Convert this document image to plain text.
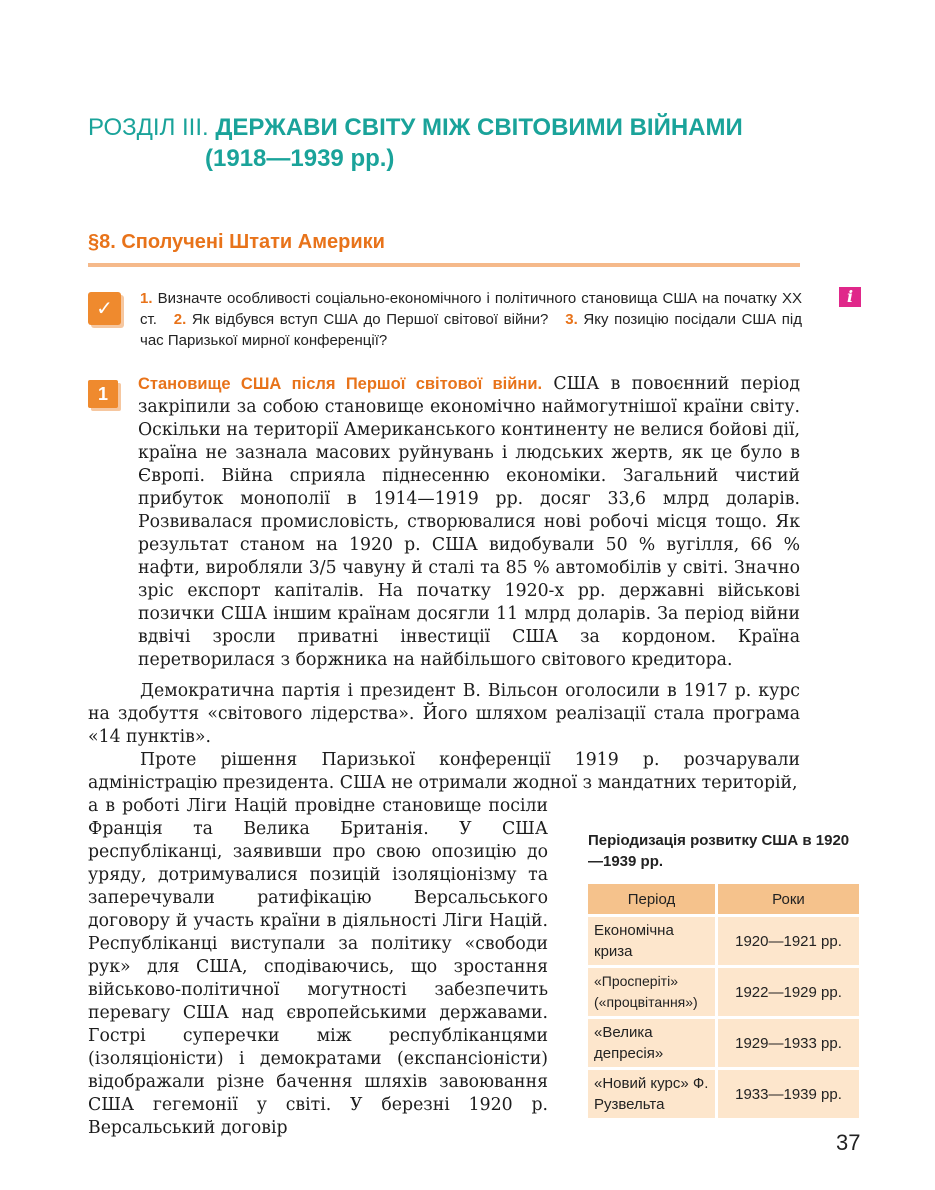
РОЗДІЛ III. ДЕРЖАВИ СВІТУ МІЖ СВІТОВИМИ ВІЙНАМИ
(1918—1939 рр.)
§8. Сполучені Штати Америки
✓	1. Визначте особливості соціально-економічного і політичного становища США на початку XX ст. 2. Як відбувся вступ США до Першої світової війни? 3. Яку позицію посідали США під час Паризької мирної конференції?
i
1	Становище США після Першої світової війни. США в повоєнний період закріпили за собою становище економічно наймогутнішої країни світу. Оскільки на території Американського континенту не велися бойові дії, країна не зазнала масових руйнувань і людських жертв, як це було в Європі. Війна сприяла піднесенню економіки. Загальний чистий прибуток монополії в 1914—1919 рр. досяг 33,6 млрд доларів. Розвивалася промисловість, створювалися нові робочі місця тощо. Як результат станом на 1920 р. США видобували 50 % вугілля, 66 % нафти, виробляли 3/5 чавуну й сталі та 85 % автомобілів у світі. Значно зріс експорт капіталів. На початку 1920-х рр. державні військові позички США іншим країнам досягли 11 млрд доларів. За період війни вдвічі зросли приватні інвестиції США за кордоном. Країна перетворилася з боржника на найбільшого світового кредитора.

Демократична партія і президент В. Вільсон оголосили в 1917 р. курс на здобуття «світового лідерства». Його шляхом реалізації стала програма «14 пунктів».

Проте рішення Паризької конференції 1919 р. розчарували адміністрацію президента. США не отримали жодної з мандатних територій,

а в роботі Ліги Націй провідне становище посіли Франція та Велика Британія. У США республіканці, заявивши про свою опозицію до уряду, дотримувалися позицій ізоляціонізму та заперечували ратифікацію Версальського договору й участь країни в діяльності Ліги Націй. Республіканці виступали за політику «свободи рук» для США, сподіваючись, що зростання військово-політичної могутності забезпечить перевагу США над європейськими державами. Гострі суперечки між республіканцями (ізоляціоністи) і демократами (експансіоністи) відображали різне бачення шляхів завоювання США гегемонії у світі. У березні 1920 р. Версальський договір
Періодизація розвитку США в 1920—1939 рр.
Період	Роки
Економічна криза	1920—1921 рр.
«Просперіті» («процвітання»)	1922—1929 рр.
«Велика депресія»	1929—1933 рр.
«Новий курс» Ф. Рузвельта	1933—1939 рр.
37
